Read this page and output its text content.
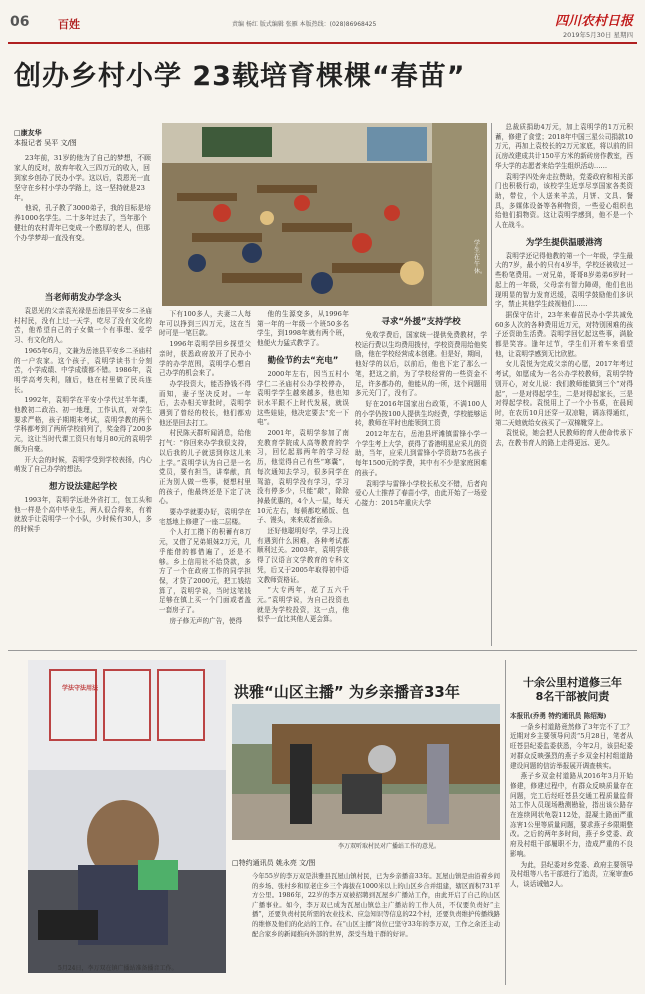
06	百姓	责编 杨红 版式编辑 张雁 本版热线：(028)86968425	四川农村日报
2019年5月30日 星期四
创办乡村小学 23载培育棵棵“春苗”
□康友华
本报记者 吴平 文/图

23年前，31岁的他为了自己的梦想，不顾家人的反对，放弃年收入三四万元的收入，回到家乡创办了民办小学。这以后，袁恩光一直坚守在乡村小学办学路上，这一坚持就是23年。

他说，孔子教了3000弟子，我的目标是培养1000名学生。二十多年过去了，当年那个健壮的农村青年已变成一个憨厚的老人，但那个办学梦却一直没有变。

学生在午休。
当老师萌发办学念头

袁恩光的父亲袁光禄是岳池县平安乡二圣庙村村民，没有上过一天学，吃尽了没有文化的苦，他希望自己的子女做一个有事理、爱学习、有文化的人。

1965年6月，文兼为岳池县平安乡二圣庙村的一户农家。这个孩子，袁明学读书十分刻苦，小学成绩、中学成绩都不错。1986年，袁明学高考失利，随后，他在村里做了民兵连长。

1992年，袁明学在平安小学代过半年课，他教初二政治、初一地理，工作认真，对学生要求严格，孩子期期末考试，袁明学教的两个学科都考到了两所学校前列了，奖金得了200多元，这让当时代课工资只有每月80元的袁明学颇为自豪。

开大会的时候，袁明学受到学校表扬，内心萌发了自己办学的想法。

想方设法建起学校

1993年，袁明学远赴外省打工，包工头和他一样是个高中毕业生，两人很合得来，有着就放手让袁明学一个小队，少时候有30人，多的时候手

下有100多人，夫妻二人每年可以挣到三四万元，这在当时可是一笔巨款。

1996年袁明学回乡探望父亲时，获悉政府放开了民办小学的办学范围，袁明学心想自己办学的机会来了。

办学投资大，能否挣钱不得而知，妻子坚决反对。一年后，去办相关审批时，袁明学遇到了曾经的校长，他们都劝他还是回去打工。

村民陈天群听闻消息，给他打气：“你回来办学我很支持，以后我的儿子就送到你这儿来上学。”袁明学认为自己是一名党员，要有担当，讲奉献，真正为别人做一些事，便想村里的孩子，他最终还是下定了决心。

要办学就要办好，袁明学在宅基地上修建了一座二层楼。

个人打工攒下的积蓄有8万元，又借了兄弟姐妹2万元，几乎能借的都借遍了，还是不够。乡上信用社不给贷款，多方了一个在政府工作的同学担保，才贷了2000元，把工钱结算了，袁明学说，当时这笔钱足够在镇上买一个门面或者盖一套房子了。

房子修无声的广告，使得

他的生源变多，从1996年第一年的一年级一个班50多名学生，到1998年就有两个班，他便火力猛式教学了。

勤俭节约去“充电”

2000年左右，因当五村小学仁二圣庙村公办学校停办，袁明学学生越来越多，他也知识水平跟不上时代发展，就误这些娃娃，他决定要去“充一下电”。

2001年，袁明学参加了南充教育学院成人高等教育的学习，回忆起那两年的学习经历，他觉得自己有些“寒囊”，每次通知去学习，很多同学在驾游，袁明学没有学习，学习没有停多少，只能“敲”，除除掉最优惠的，4个人一屋，每天10元左右，每顿都吃稀饭、包子、馒头，来来成者面条。

还好他聪明好学，学习上没有遇到什么困难，各种考试都顺利过关。2003年，袁明学获得了汉语言文学教育的专科文凭，后又于2005年取得初中语文教师资格证。

“大专两年，花了五六千元。”袁明学说，为自己投资也就是为学校投资，这一点，他似乎一直比其他人更会算。

寻求“外援”支持学校

免收学费后，国家统一提供免费教材，学校运行费以生均费用拨付，学校资费用给他奖励，他在学校经营成本创建。但是好，期间，他好学的以后，以前后，他也下定了那么一笔，把这之前，为了学校经营的一些资金不足，许多都办的，他能从的一所，这个问题用多元关门了，没有了。

好在2016年国家出台政策，不满100人的小学仍按100人提供生均经费，学校能够运转，教师在平时也能领到工资

2012年左右，岳池县坪滩镇雷锋小学一个学生考上大学，获得了香港明星应采儿的资助，当年，应采儿到雷锋小学资助75名孩子每年1500元的学费，其中有不少是家庭困难的孩子。

袁明学与雷锋小学校长私交不错，后者向爱心人士推荐了春苗小学，由此开始了一场爱心接力：2015年重庆大学

总裁质捐助4万元，加上袁明学的1万元积蓄，修建了食堂；2018年中国三星公司捐款10万元，再加上袁校长的2万元家底，将以前的旧瓦房改建成共计150平方米的新砖房作教室，西华大学的志愿者来给学生组织活动……

袁明学四处奔走拉赞助，党委政府和相关部门也积极行动，该校学生近享尽享国家各类资助，带位，个人送来羊羔，月饼、文具、餐具，多媒体设备等各种物资，一些爱心组织也给他们捐物资。这让袁明学感到，他不是一个人在战斗。

为学生提供温暖港湾

袁明学还记得他教的第一个一年级，学生最大的7岁，最小的只有4岁半，学校还被收过一些粉笔费用。一对兄弟，哥哥8岁弟弟6岁时一起上的一年级，父母亲有智力障碍，他们也出现明显的智力发育迟缓，袁明学鼓励他们多识字，禁止其他学生歧视他们……

据保守估计，23年来春苗民办小学共减免60多人次的各种费用近万元，对特别困难的孩子还资助生活费。袁明学回忆起这些事，满脸都是笑容。逢年过节，学生们开着车来看望他，让袁明学感到无比欣慰。

女儿袁悦为完成父亲的心愿，2017年考过考试，如愿成为一名公办学校教师，袁明学特别开心，对女儿说：我们教师能做到三个“对得起”，一是对得起学生，二是对得起家长，三是对得起学校。袁悦用上了一个小书桌，在晨间时，在农历10月还穿一双凉鞋，调冻得通红，第二天她就给女孩买了一双棉靴穿上。

袁悦说，她会把人民教师的育人使命传承下去，在教书育人的路上走得更远、更久。

学法守法用法
5月24日，李万双在镇广播站准备播音工作。
洪雅“山区主播” 为乡亲播音33年
李万双听取村民对广播站工作的意见。
□特约通讯员 姚永亮 文/图
今年55岁的李万双是洪雅县瓦屋山镇村民，已为乡亲播音33年。瓦屋山镇是由沿着乡间的乡场、张村乡和原老庄乡三个海拔在1000米以上的山区乡合并组建，辖区面积731平方公里。1986年，22岁的李万双被招聘到瓦屋乡广播站工作，由此开启了自己的山区广播事业。如今，李万双已成为瓦屋山镇总主广播站的工作人员，不仅要负责好“主播”，还要负责村民所需的农业技术、应急知识等信息的22个村，还要负责维护传播线路的维修及他们的化站的工作。在“山区主播”岗位已坚守33年的李万双，工作之余还主动配合家乡的新闻推向外部的世界，深受当地干群的好评。
十余公里村道修三年
8名干部被问责

本报讯(乔勇 特约通讯员 陈绍海)

一条乡村道路竟然修了3年完不了工？近期对乡主要领导问责“5月28日，笔者从旺苍县纪委监委获悉，今年2月，该县纪委对群众反映强烈的燕子乡双金村村组道路建设问题的信访举报展开调查核实。

燕子乡双金村道路从2016年3月开始修建，修建过程中，有群众反映质量存在问题，完工后经旺苍县交通工程质量监督站工作人员现场勘测勘验，指出该公路存在连续网状龟裂112处，混凝土路面严重冻害1公里等质量问题，要求燕子乡限期整改。之后的两年多时间，燕子乡党委、政府及村组干部履职不力，造成严重的不良影响。

为此，县纪委对乡党委、政府主要领导及村组等八名干部进行了追责，立案审查6人，谈话诫勉2人。
